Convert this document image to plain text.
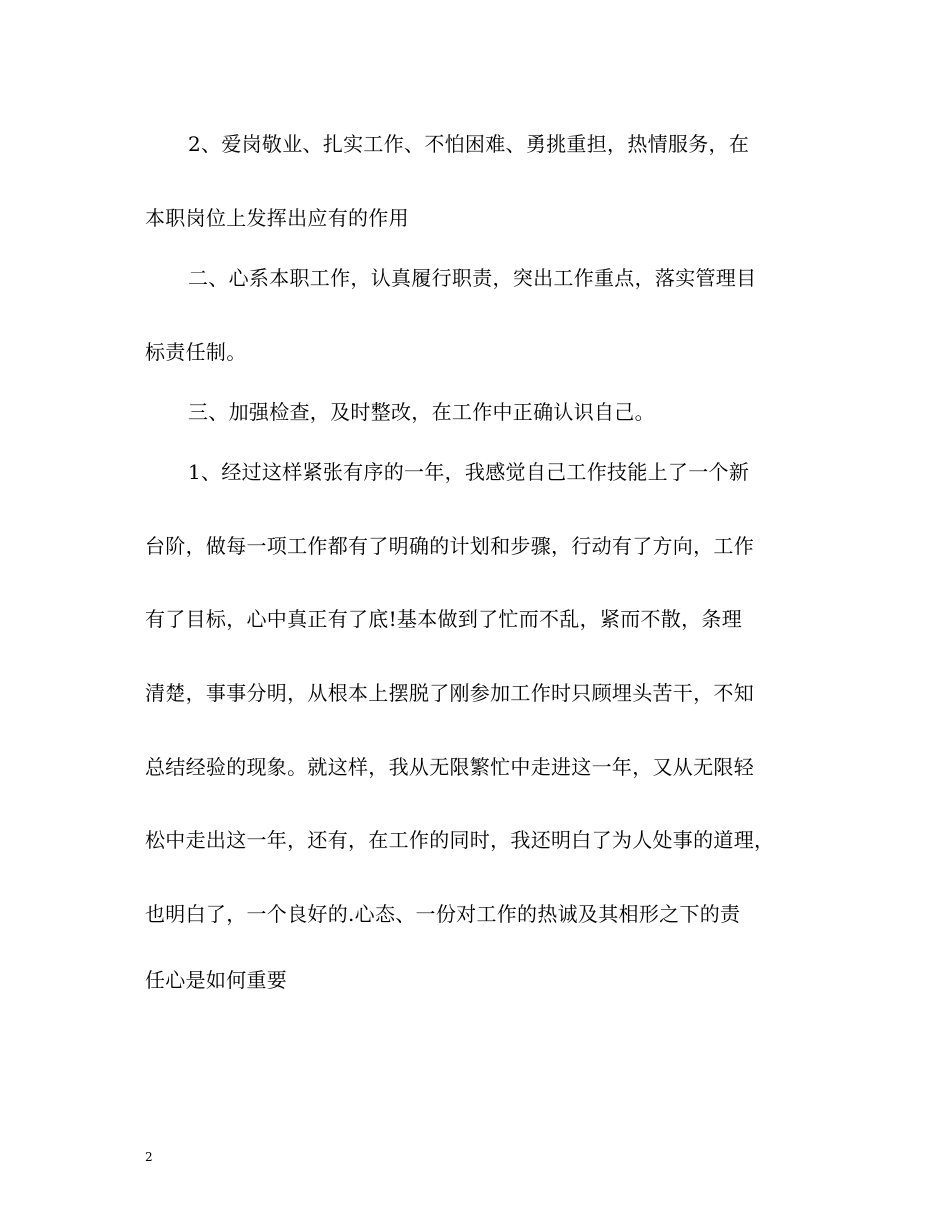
2、爱岗敬业、扎实工作、不怕困难、勇挑重担，热情服务，在
本职岗位上发挥出应有的作用
二、心系本职工作，认真履行职责，突出工作重点，落实管理目
标责任制。
三、加强检查，及时整改，在工作中正确认识自己。
1、经过这样紧张有序的一年，我感觉自己工作技能上了一个新
台阶，做每一项工作都有了明确的计划和步骤，行动有了方向，工作
有了目标，心中真正有了底!基本做到了忙而不乱，紧而不散，条理
清楚，事事分明，从根本上摆脱了刚参加工作时只顾埋头苦干，不知
总结经验的现象。就这样，我从无限繁忙中走进这一年，又从无限轻
松中走出这一年，还有，在工作的同时，我还明白了为人处事的道理，
也明白了，一个良好的.心态、一份对工作的热诚及其相形之下的责
任心是如何重要
2
